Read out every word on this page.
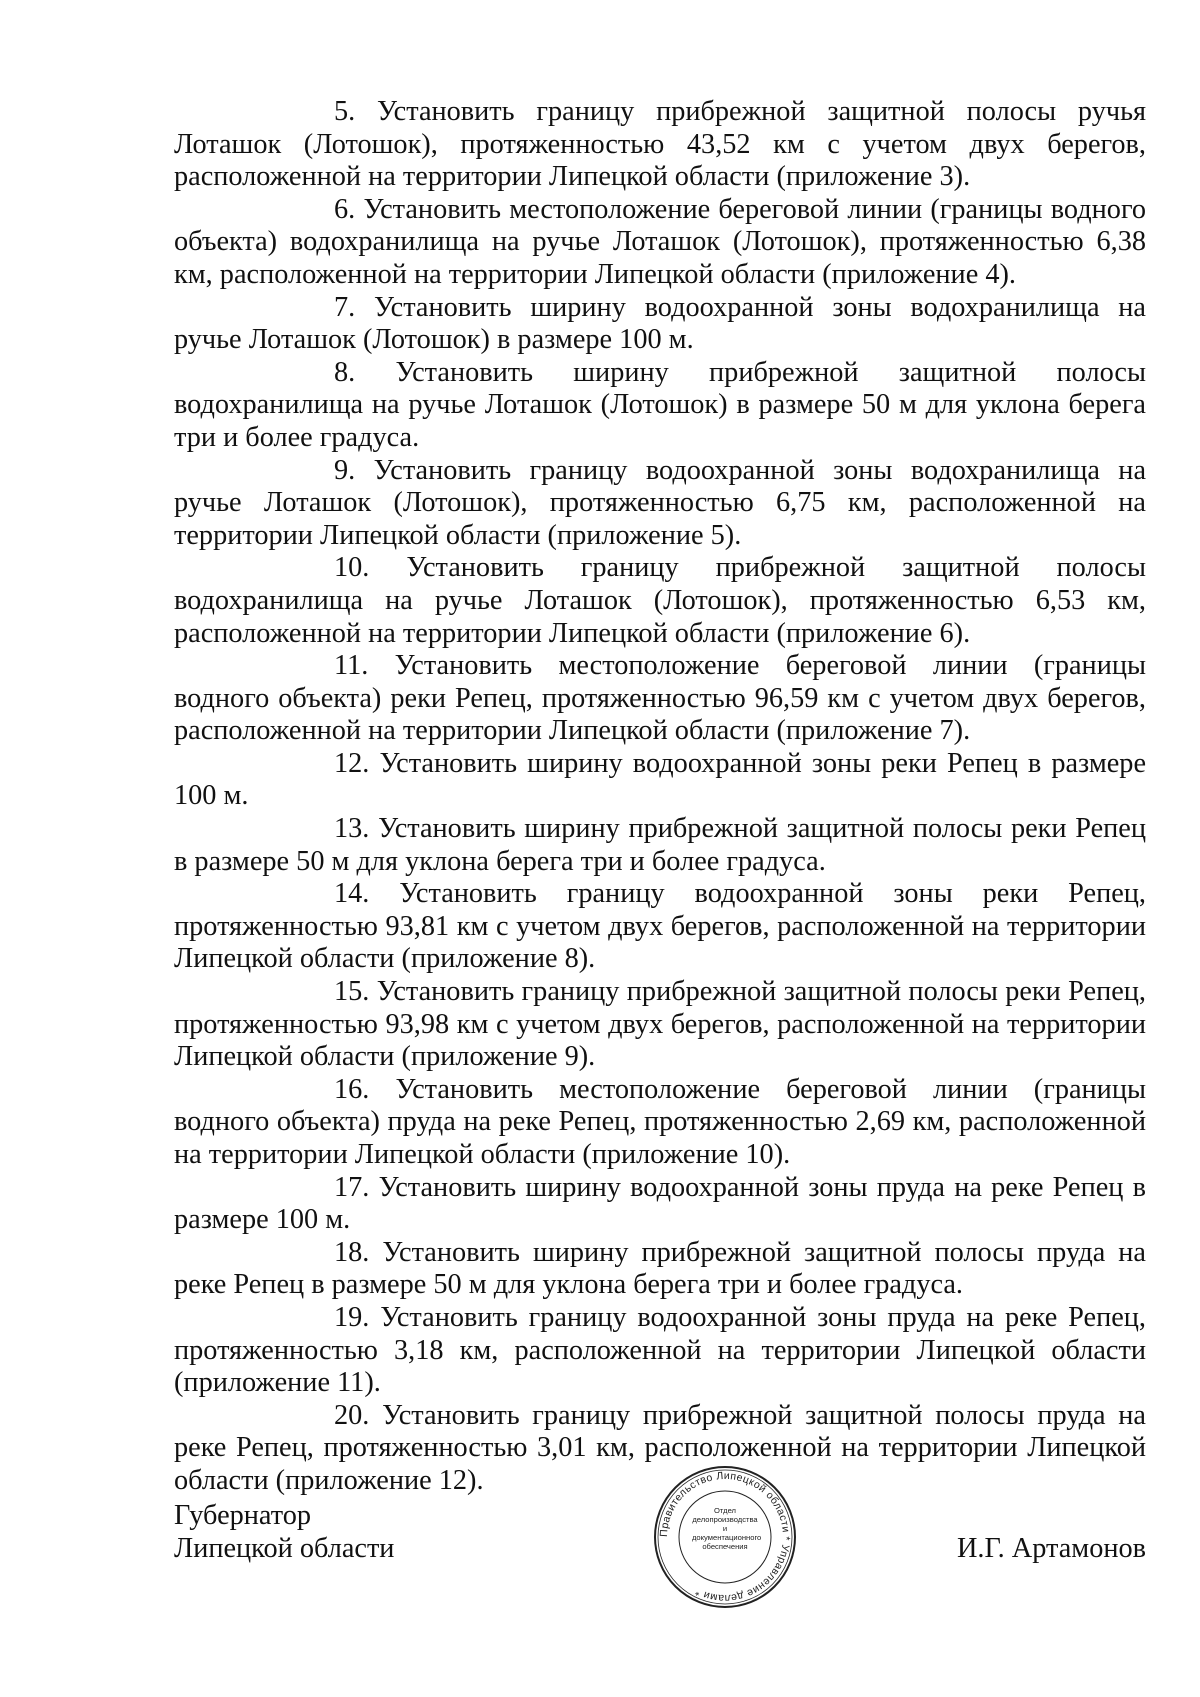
5. Установить границу прибрежной защитной полосы ручья Лоташок (Лотошок), протяженностью 43,52 км с учетом двух берегов, расположенной на территории Липецкой области (приложение 3).

6. Установить местоположение береговой линии (границы водного объекта) водохранилища на ручье Лоташок (Лотошок), протяженностью 6,38 км, расположенной на территории Липецкой области (приложение 4).

7. Установить ширину водоохранной зоны водохранилища на ручье Лоташок (Лотошок) в размере 100 м.

8. Установить ширину прибрежной защитной полосы водохранилища на ручье Лоташок (Лотошок) в размере 50 м для уклона берега три и более градуса.

9. Установить границу водоохранной зоны водохранилища на ручье Лоташок (Лотошок), протяженностью 6,75 км, расположенной на территории Липецкой области (приложение 5).

10. Установить границу прибрежной защитной полосы водохранилища на ручье Лоташок (Лотошок), протяженностью 6,53 км, расположенной на территории Липецкой области (приложение 6).

11. Установить местоположение береговой линии (границы водного объекта) реки Репец, протяженностью 96,59 км с учетом двух берегов, расположенной на территории Липецкой области (приложение 7).

12. Установить ширину водоохранной зоны реки Репец в размере 100 м.

13. Установить ширину прибрежной защитной полосы реки Репец в размере 50 м для уклона берега три и более градуса.

14. Установить границу водоохранной зоны реки Репец, протяженностью 93,81 км с учетом двух берегов, расположенной на территории Липецкой области (приложение 8).

15. Установить границу прибрежной защитной полосы реки Репец, протяженностью 93,98 км с учетом двух берегов, расположенной на территории Липецкой области (приложение 9).

16. Установить местоположение береговой линии (границы водного объекта) пруда на реке Репец, протяженностью 2,69 км, расположенной на территории Липецкой области (приложение 10).

17. Установить ширину водоохранной зоны пруда на реке Репец в размере 100 м.

18. Установить ширину прибрежной защитной полосы пруда на реке Репец в размере 50 м для уклона берега три и более градуса.

19. Установить границу водоохранной зоны пруда на реке Репец, протяженностью 3,18 км, расположенной на территории Липецкой области (приложение 11).

20. Установить границу прибрежной защитной полосы пруда на реке Репец, протяженностью 3,01 км, расположенной на территории Липецкой области (приложение 12).

Губернатор
Липецкой области	И.Г. Артамонов
Правительство Липецкой области * Управление делами *
Отдел
делопроизводства и
документационного
обеспечения
